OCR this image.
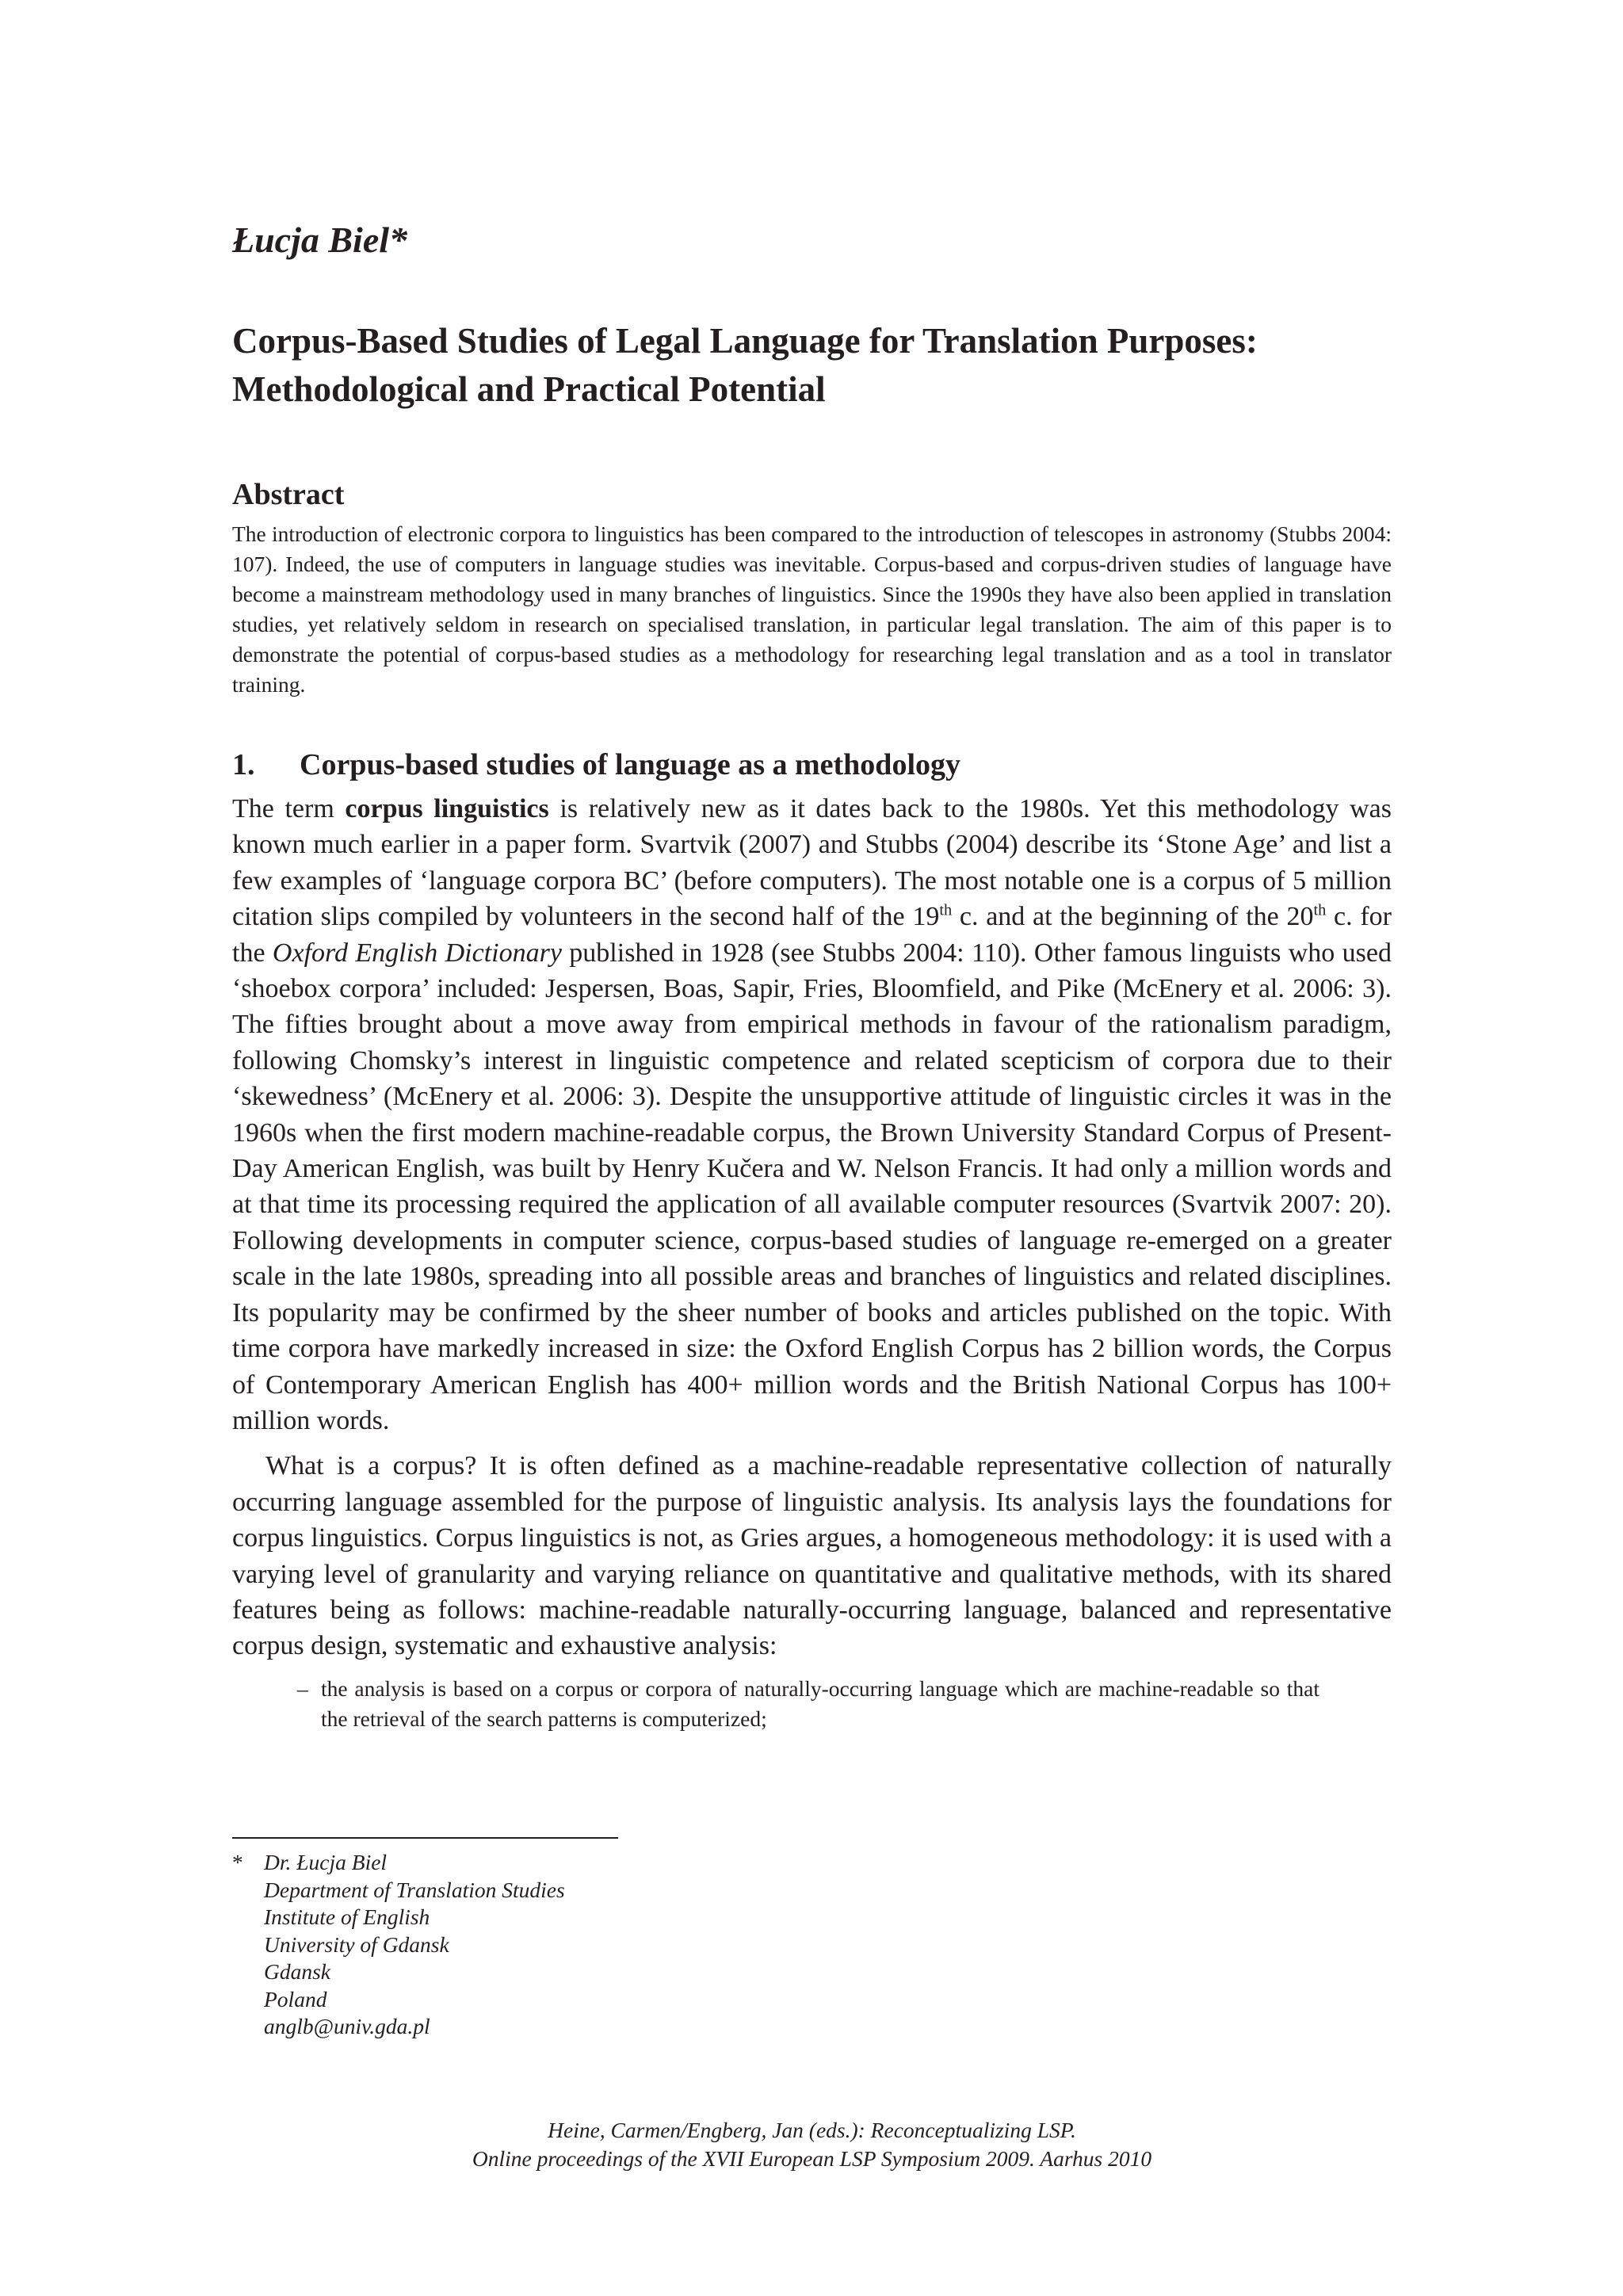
Łucja Biel*
Corpus-Based Studies of Legal Language for Translation Purposes:
Methodological and Practical Potential
Abstract

The introduction of electronic corpora to linguistics has been compared to the introduction of telescopes in astronomy (Stubbs 2004: 107). Indeed, the use of computers in language studies was inevitable. Corpus-based and corpus-driven studies of language have become a mainstream methodology used in many branches of linguistics. Since the 1990s they have also been applied in translation studies, yet relatively seldom in research on specialised translation, in particular legal translation. The aim of this paper is to demonstrate the potential of corpus-based studies as a methodology for researching legal translation and as a tool in translator training.

1. Corpus-based studies of language as a methodology

The term corpus linguistics is relatively new as it dates back to the 1980s. Yet this methodology was known much earlier in a paper form. Svartvik (2007) and Stubbs (2004) describe its ‘Stone Age’ and list a few examples of ‘language corpora BC’ (before computers). The most notable one is a corpus of 5 million citation slips compiled by volunteers in the second half of the 19th c. and at the beginning of the 20th c. for the Oxford English Dictionary published in 1928 (see Stubbs 2004: 110). Other famous linguists who used ‘shoebox corpora’ included: Jespersen, Boas, Sapir, Fries, Bloomfield, and Pike (McEnery et al. 2006: 3). The fifties brought about a move away from empirical methods in favour of the rationalism paradigm, following Chomsky’s interest in linguistic competence and related scepticism of corpora due to their ‘skewedness’ (McEnery et al. 2006: 3). Despite the unsupportive attitude of linguistic circles it was in the 1960s when the first modern machine-readable corpus, the Brown University Standard Corpus of Present-Day American English, was built by Henry Kučera and W. Nelson Francis. It had only a million words and at that time its processing required the application of all available computer resources (Svartvik 2007: 20). Following developments in computer science, corpus-based studies of language re-emerged on a greater scale in the late 1980s, spreading into all possible areas and branches of linguistics and related disciplines. Its popularity may be confirmed by the sheer number of books and articles published on the topic. With time corpora have markedly increased in size: the Oxford English Corpus has 2 billion words, the Corpus of Contemporary American English has 400+ million words and the British National Corpus has 100+ million words.

What is a corpus? It is often defined as a machine-readable representative collection of naturally occurring language assembled for the purpose of linguistic analysis. Its analysis lays the foundations for corpus linguistics. Corpus linguistics is not, as Gries argues, a homogeneous methodology: it is used with a varying level of granularity and varying reliance on quantitative and qualitative methods, with its shared features being as follows: machine-readable naturally-occurring language, balanced and representative corpus design, systematic and exhaustive analysis:

– the analysis is based on a corpus or corpora of naturally-occurring language which are machine-readable so that the retrieval of the search patterns is computerized;
* Dr. Łucja Biel
Department of Translation Studies
Institute of English
University of Gdansk
Gdansk
Poland
anglb@univ.gda.pl
Heine, Carmen/Engberg, Jan (eds.): Reconceptualizing LSP.
Online proceedings of the XVII European LSP Symposium 2009. Aarhus 2010
